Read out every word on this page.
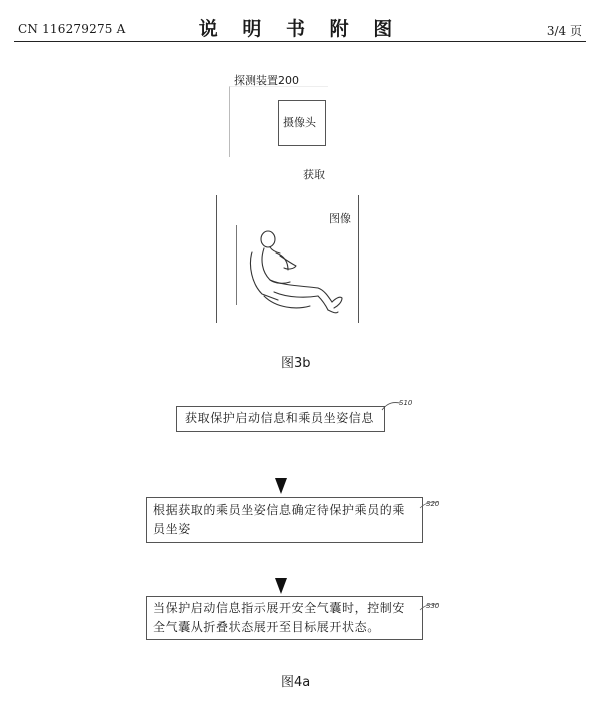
CN 116279275 A	说 明 书 附 图	3/4 页
探测装置200
摄像头
获取
图像
图3b
获取保护启动信息和乘员坐姿信息
S10
根据获取的乘员坐姿信息确定待保护乘员的乘
员坐姿
S20
当保护启动信息指示展开安全气囊时，控制安
全气囊从折叠状态展开至目标展开状态。
S30
图4a
